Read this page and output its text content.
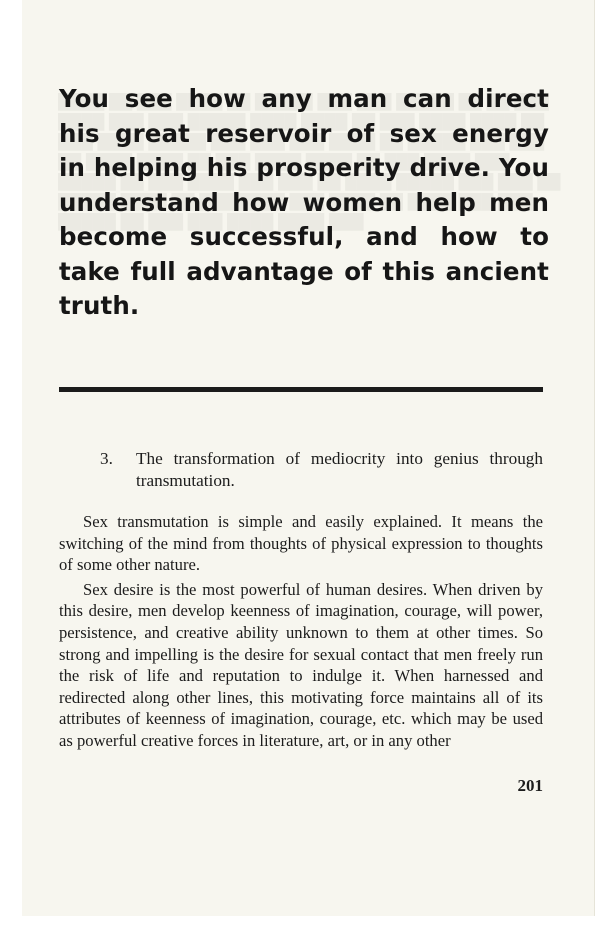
You see how any man can direct his great reservoir of sex energy in helping his prosperity drive. You understand how women help men become successful, and how to take full advantage of this ancient truth.
3. The transformation of mediocrity into genius through transmutation.

Sex transmutation is simple and easily explained. It means the switching of the mind from thoughts of physical expression to thoughts of some other nature.

Sex desire is the most powerful of human desires. When driven by this desire, men develop keenness of imagination, courage, will power, persistence, and creative ability unknown to them at other times. So strong and impelling is the desire for sexual contact that men freely run the risk of life and reputation to indulge it. When harnessed and redirected along other lines, this motivating force maintains all of its attributes of keenness of imagination, courage, etc. which may be used as powerful creative forces in literature, art, or in any other

201
